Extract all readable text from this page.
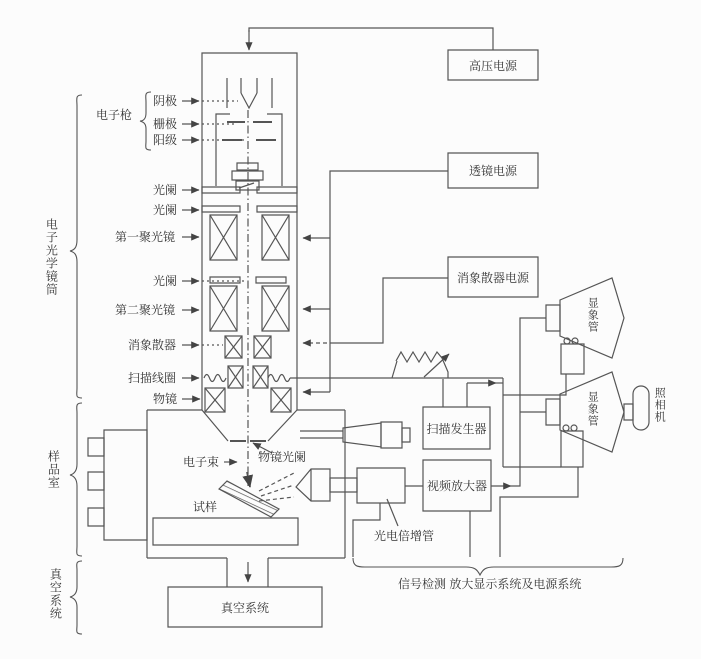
阴极
栅极
阳级
电子枪
光阑
光阑
第一聚光镜
光阑
第二聚光镜
消象散器
扫描线圈
物镜
电子束	物镜光阑
试样
光电倍增管
信号检测 放大显示系统及电源系统
电子光学镜筒
样品室
真空系统
显象管
显象管	照相机
高压电源
透镜电源
消象散器电源
扫描发生器
视频放大器
真空系统
